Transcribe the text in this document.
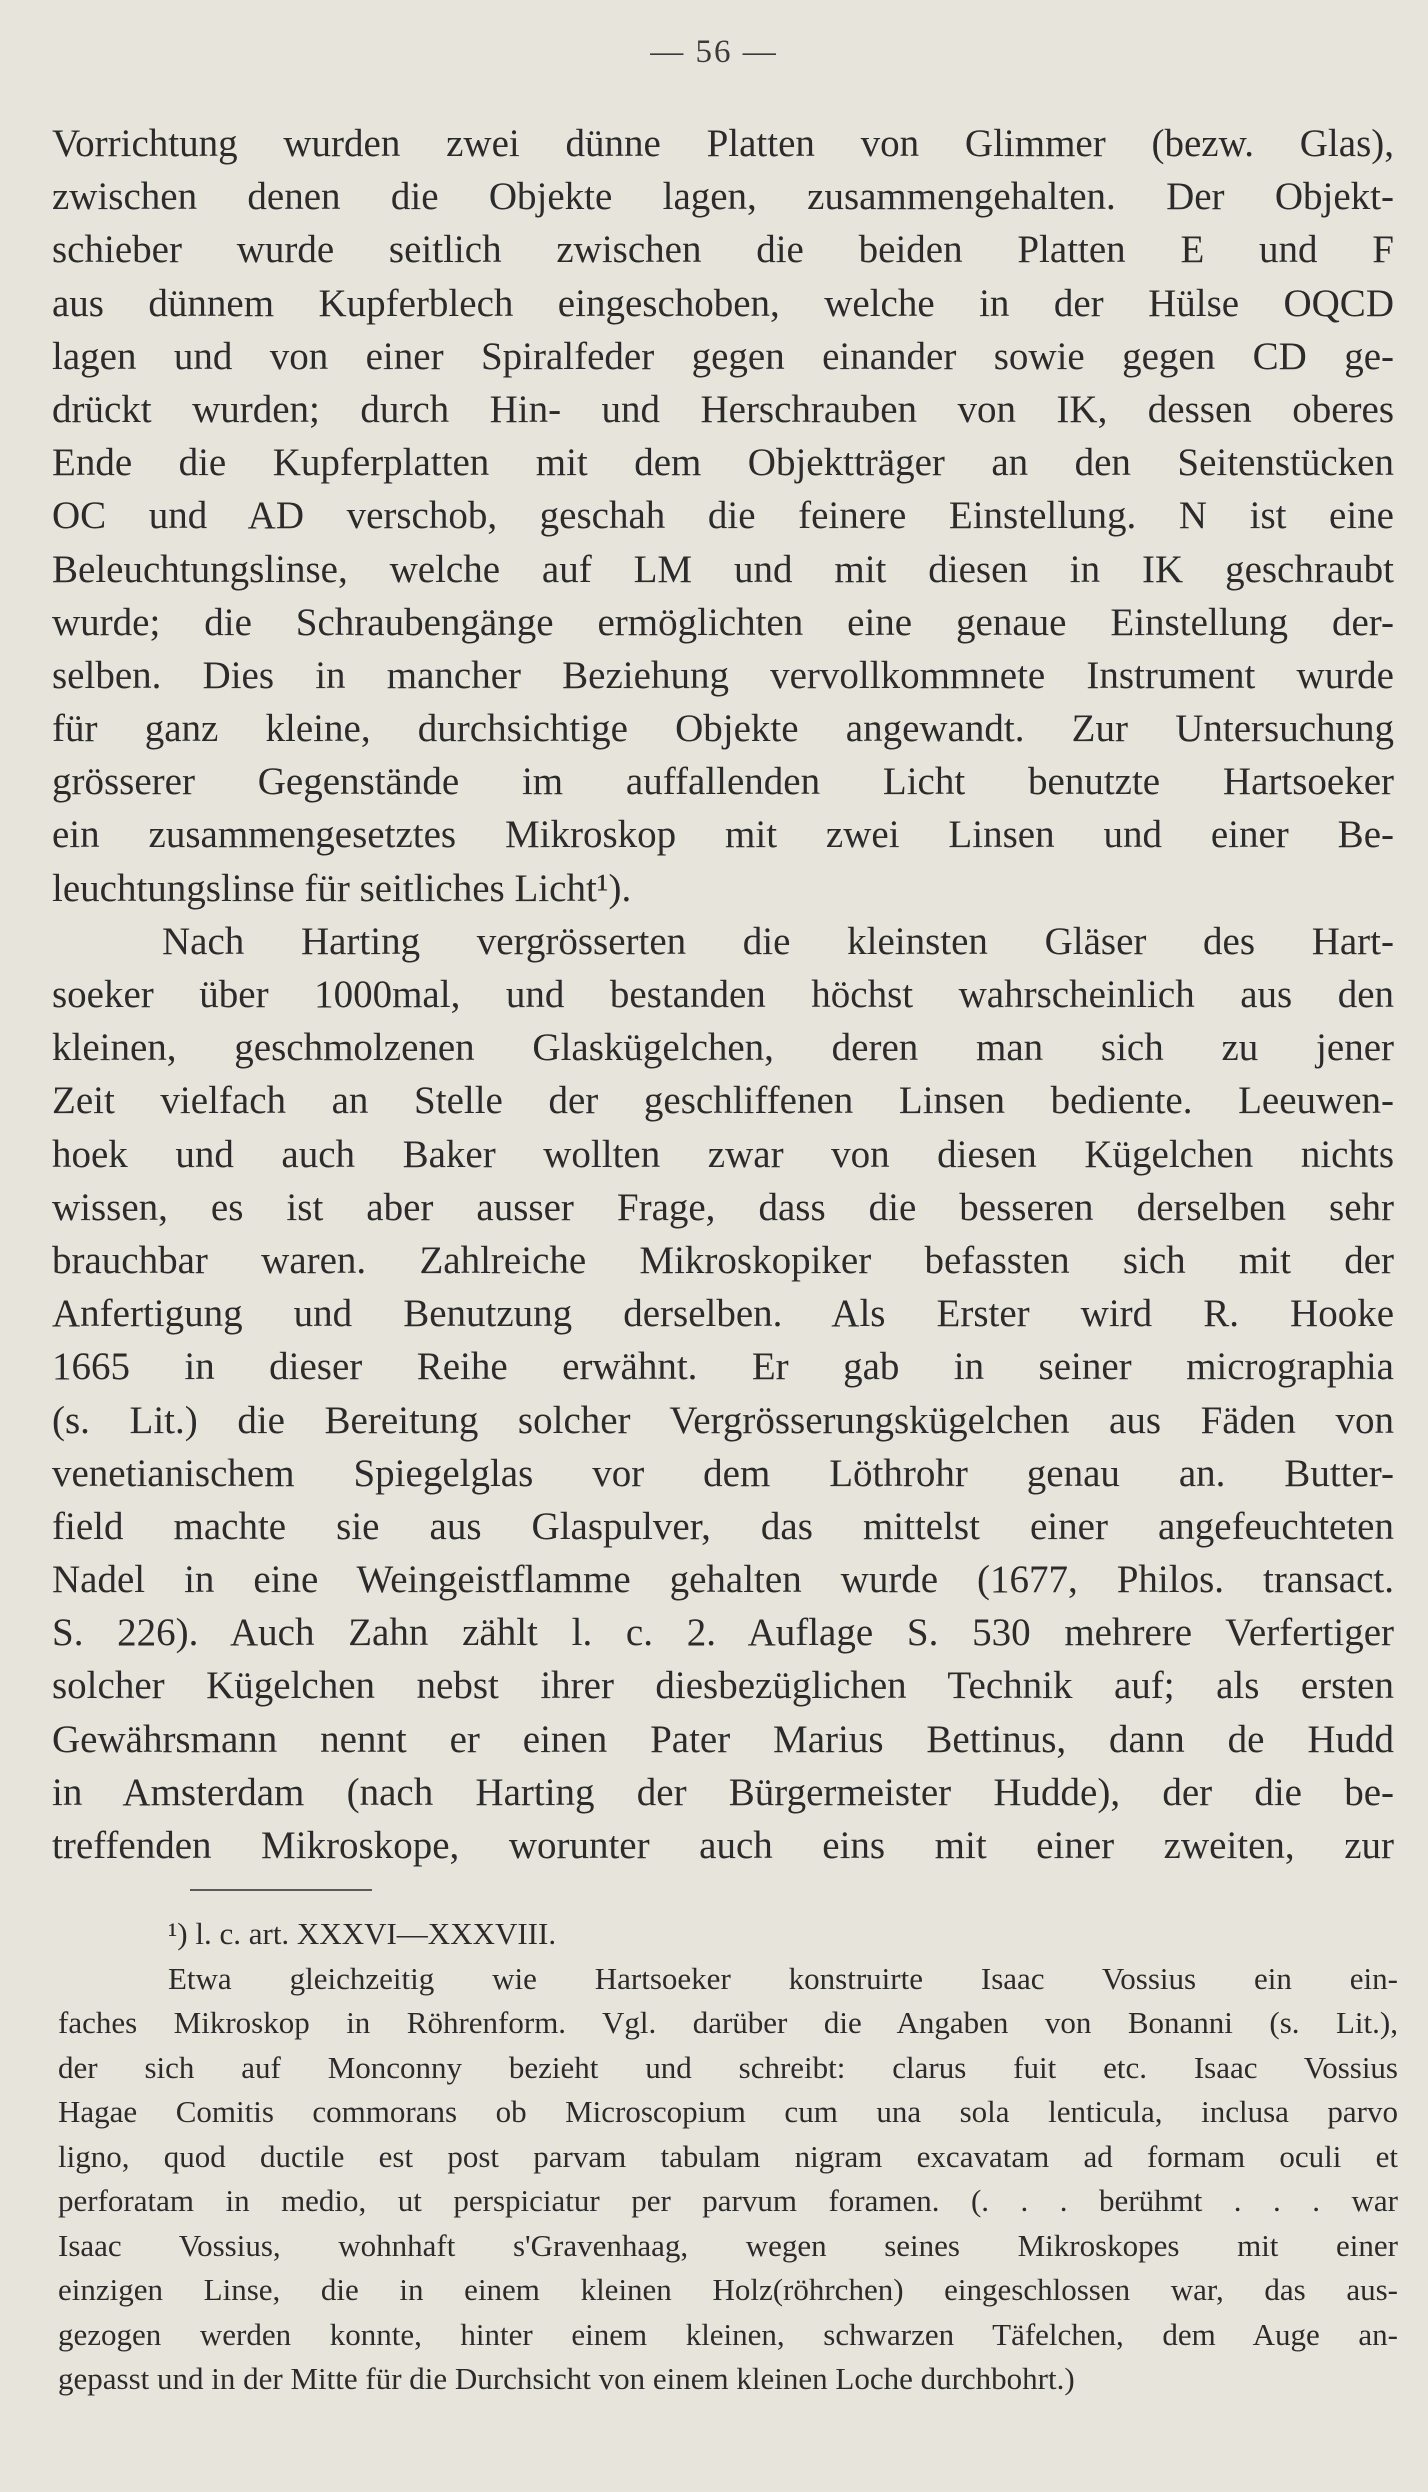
— 56 —
Vorrichtung wurden zwei dünne Platten von Glimmer (bezw. Glas),
zwischen denen die Objekte lagen, zusammengehalten. Der Objekt-
schieber wurde seitlich zwischen die beiden Platten E und F
aus dünnem Kupferblech eingeschoben, welche in der Hülse OQCD
lagen und von einer Spiralfeder gegen einander sowie gegen CD ge-
drückt wurden; durch Hin- und Herschrauben von IK, dessen oberes
Ende die Kupferplatten mit dem Objektträger an den Seitenstücken
OC und AD verschob, geschah die feinere Einstellung. N ist eine
Beleuchtungslinse, welche auf LM und mit diesen in IK geschraubt
wurde; die Schraubengänge ermöglichten eine genaue Einstellung der-
selben. Dies in mancher Beziehung vervollkommnete Instrument wurde
für ganz kleine, durchsichtige Objekte angewandt. Zur Untersuchung
grösserer Gegenstände im auffallenden Licht benutzte Hartsoeker
ein zusammengesetztes Mikroskop mit zwei Linsen und einer Be-
leuchtungslinse für seitliches Licht¹).
Nach Harting vergrösserten die kleinsten Gläser des Hart-
soeker über 1000mal, und bestanden höchst wahrscheinlich aus den
kleinen, geschmolzenen Glaskügelchen, deren man sich zu jener
Zeit vielfach an Stelle der geschliffenen Linsen bediente. Leeuwen-
hoek und auch Baker wollten zwar von diesen Kügelchen nichts
wissen, es ist aber ausser Frage, dass die besseren derselben sehr
brauchbar waren. Zahlreiche Mikroskopiker befassten sich mit der
Anfertigung und Benutzung derselben. Als Erster wird R. Hooke
1665 in dieser Reihe erwähnt. Er gab in seiner micrographia
(s. Lit.) die Bereitung solcher Vergrösserungskügelchen aus Fäden von
venetianischem Spiegelglas vor dem Löthrohr genau an. Butter-
field machte sie aus Glaspulver, das mittelst einer angefeuchteten
Nadel in eine Weingeistflamme gehalten wurde (1677, Philos. transact.
S. 226). Auch Zahn zählt l. c. 2. Auflage S. 530 mehrere Verfertiger
solcher Kügelchen nebst ihrer diesbezüglichen Technik auf; als ersten
Gewährsmann nennt er einen Pater Marius Bettinus, dann de Hudd
in Amsterdam (nach Harting der Bürgermeister Hudde), der die be-
treffenden Mikroskope, worunter auch eins mit einer zweiten, zur
¹) l. c. art. XXXVI—XXXVIII.
Etwa gleichzeitig wie Hartsoeker konstruirte Isaac Vossius ein ein-
faches Mikroskop in Röhrenform. Vgl. darüber die Angaben von Bonanni (s. Lit.),
der sich auf Monconny bezieht und schreibt: clarus fuit etc. Isaac Vossius
Hagae Comitis commorans ob Microscopium cum una sola lenticula, inclusa parvo
ligno, quod ductile est post parvam tabulam nigram excavatam ad formam oculi et
perforatam in medio, ut perspiciatur per parvum foramen. (. . . berühmt . . . war
Isaac Vossius, wohnhaft s'Gravenhaag, wegen seines Mikroskopes mit einer
einzigen Linse, die in einem kleinen Holz(röhrchen) eingeschlossen war, das aus-
gezogen werden konnte, hinter einem kleinen, schwarzen Täfelchen, dem Auge an-
gepasst und in der Mitte für die Durchsicht von einem kleinen Loche durchbohrt.)
